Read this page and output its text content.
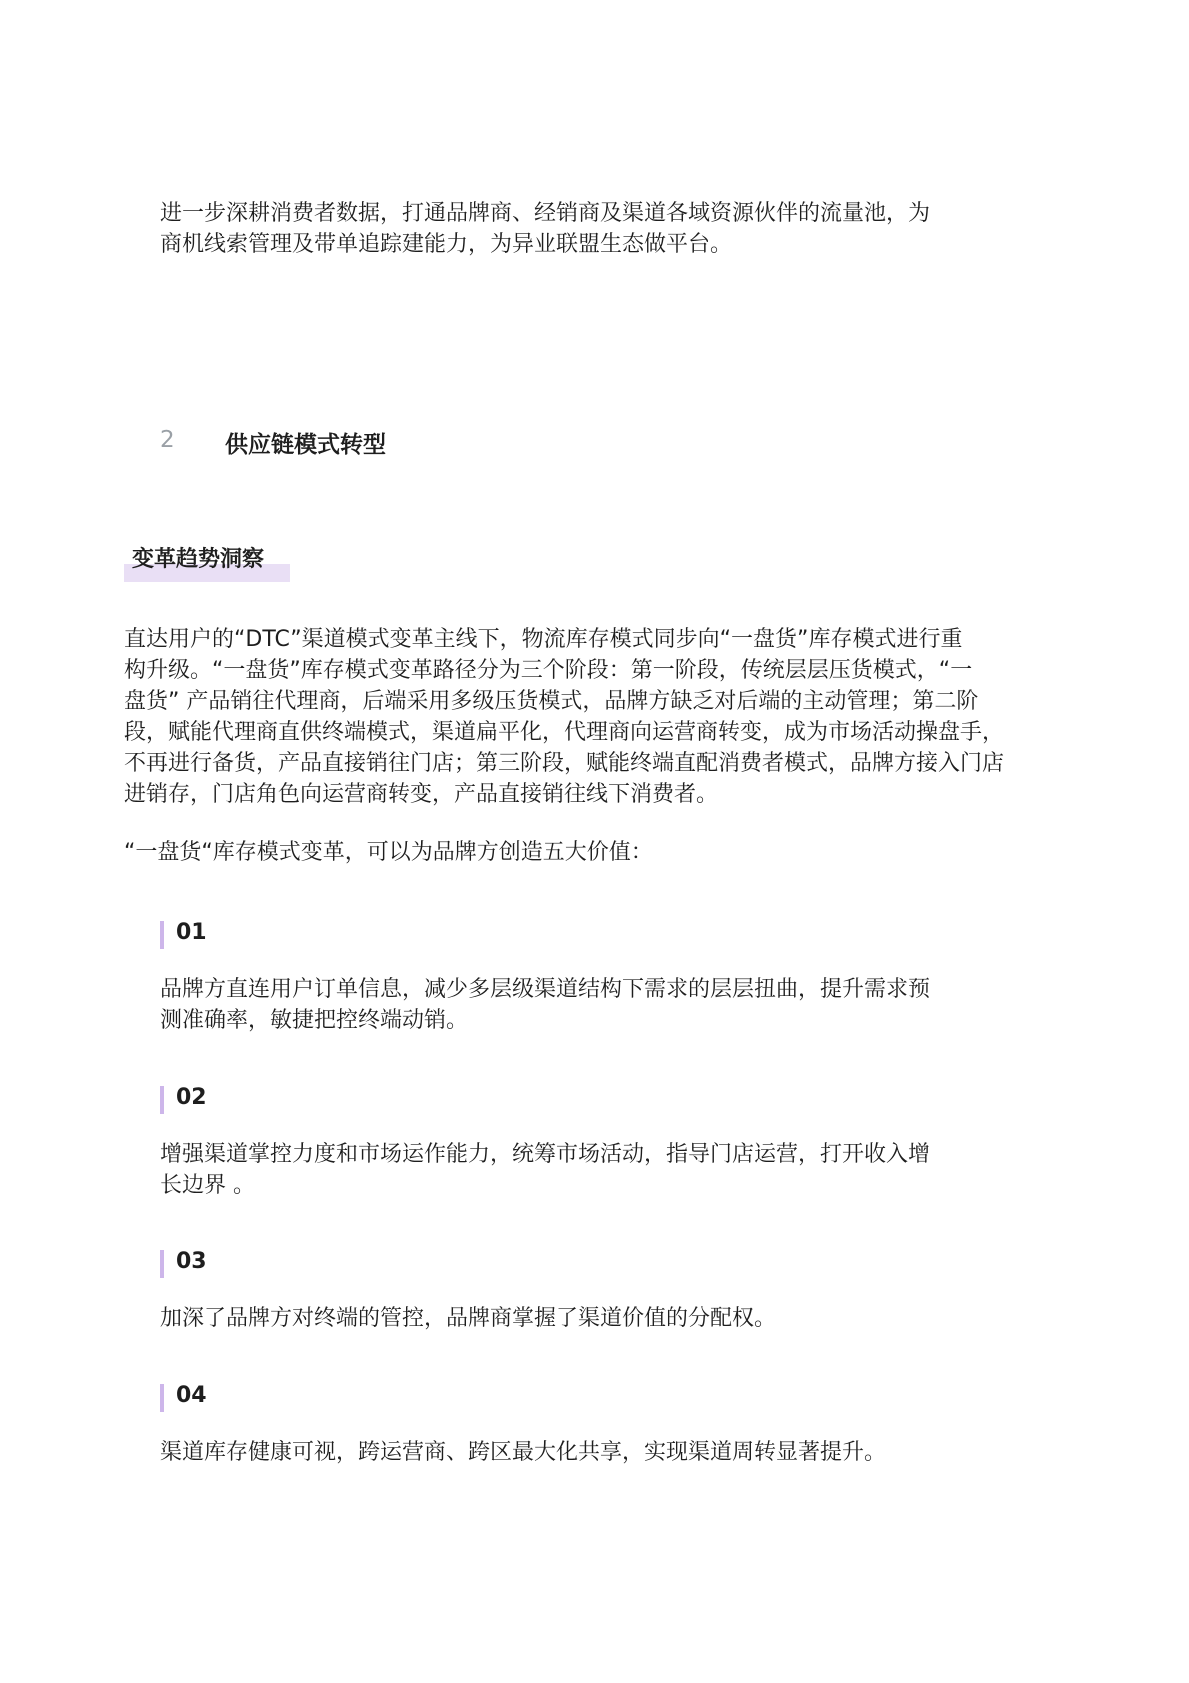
进一步深耕消费者数据，打通品牌商、经销商及渠道各域资源伙伴的流量池，为
商机线索管理及带单追踪建能力，为异业联盟生态做平台。
2 供应链模式转型
变革趋势洞察
直达用户的“DTC”渠道模式变革主线下，物流库存模式同步向“一盘货”库存模式进行重
构升级。“一盘货”库存模式变革路径分为三个阶段：第一阶段，传统层层压货模式，“一
盘货” 产品销往代理商，后端采用多级压货模式，品牌方缺乏对后端的主动管理；第二阶
段，赋能代理商直供终端模式，渠道扁平化，代理商向运营商转变，成为市场活动操盘手，
不再进行备货，产品直接销往门店；第三阶段，赋能终端直配消费者模式，品牌方接入门店
进销存，门店角色向运营商转变，产品直接销往线下消费者。
“一盘货“库存模式变革，可以为品牌方创造五大价值：
01
品牌方直连用户订单信息，减少多层级渠道结构下需求的层层扭曲，提升需求预
测准确率，敏捷把控终端动销。
02
增强渠道掌控力度和市场运作能力，统筹市场活动，指导门店运营，打开收入增
长边界 。
03
加深了品牌方对终端的管控，品牌商掌握了渠道价值的分配权。
04
渠道库存健康可视，跨运营商、跨区最大化共享，实现渠道周转显著提升。
